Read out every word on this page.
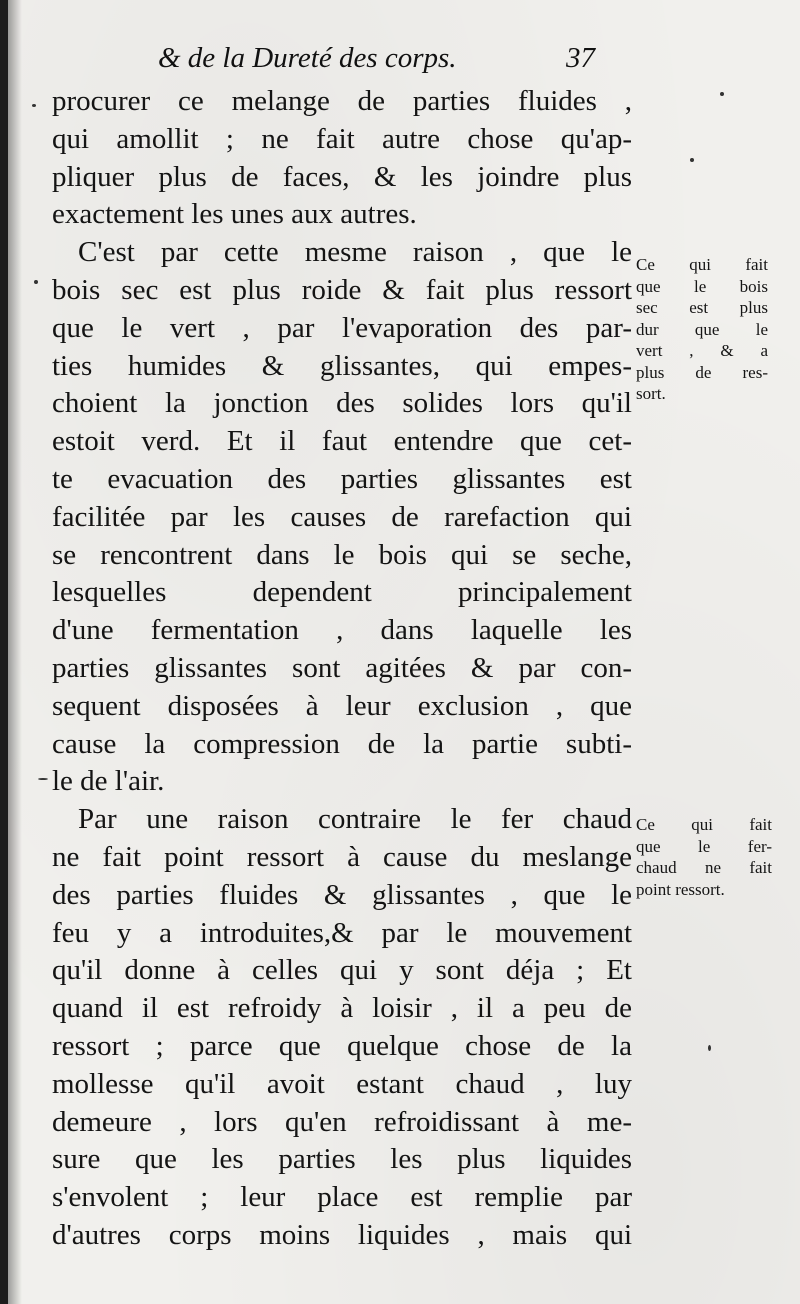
& de la Dureté des corps.	37
procurer ce melange de parties fluides ,
qui amollit ; ne fait autre chose qu'ap-
pliquer plus de faces, & les joindre plus
exactement les unes aux autres.
C'est par cette mesme raison , que le
bois sec est plus roide & fait plus ressort
que le vert , par l'evaporation des par-
ties humides & glissantes, qui empes-
choient la jonction des solides lors qu'il
estoit verd. Et il faut entendre que cet-
te evacuation des parties glissantes est
facilitée par les causes de rarefaction qui
se rencontrent dans le bois qui se seche,
lesquelles dependent principalement
d'une fermentation , dans laquelle les
parties glissantes sont agitées & par con-
sequent disposées à leur exclusion , que
cause la compression de la partie subti-
le de l'air.
Par une raison contraire le fer chaud
ne fait point ressort à cause du meslange
des parties fluides & glissantes , que le
feu y a introduites,& par le mouvement
qu'il donne à celles qui y sont déja ; Et
quand il est refroidy à loisir , il a peu de
ressort ; parce que quelque chose de la
mollesse qu'il avoit estant chaud , luy
demeure , lors qu'en refroidissant à me-
sure que les parties les plus liquides
s'envolent ; leur place est remplie par
d'autres corps moins liquides , mais qui
Ce qui fait
que le bois
sec est plus
dur que le
vert , & a
plus de res-
sort.
Ce qui fait
que le fer-
chaud ne fait
point ressort.
